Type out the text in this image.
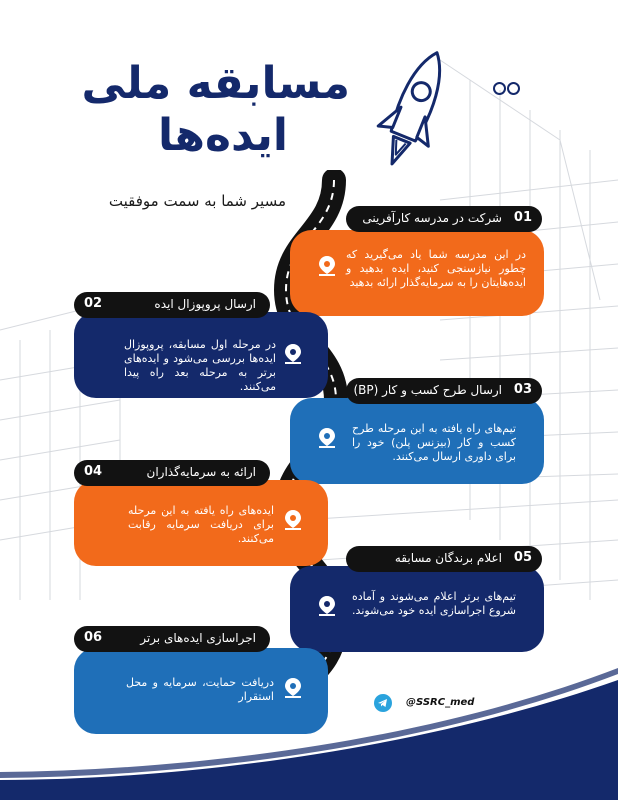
مسابقه ملی
ایده‌ها
مسیر شما به سمت موفقیت
شرکت در مدرسه کارآفرینی 01
در این مدرسه شما یاد می‌گیرید که چطور نیازسنجی کنید، ایده بدهید و ایده‌هایتان را به سرمایه‌گذار ارائه بدهید
02	ارسال پروپوزال ایده
در مرحله اول مسابقه، پروپوزال ایده‌ها بررسی می‌شود و ایده‌های برتر به مرحله بعد راه پیدا می‌کنند.	ارسال طرح کسب و کار (BP) 03
تیم‌های راه یافته به این مرحله طرح کسب و کار (بیزنس پلن) خود را برای داوری ارسال می‌کنند.
04	ارائه به سرمایه‌گذاران
ایده‌های راه یافته به این مرحله برای دریافت سرمایه رقابت می‌کنند.
اعلام برندگان مسابقه 05
تیم‌های برتر اعلام می‌شوند و آماده شروع اجراسازی ایده خود می‌شوند.
06	اجراسازی ایده‌های برتر
دریافت حمایت، سرمایه و محل استقرار	@SSRC_med
